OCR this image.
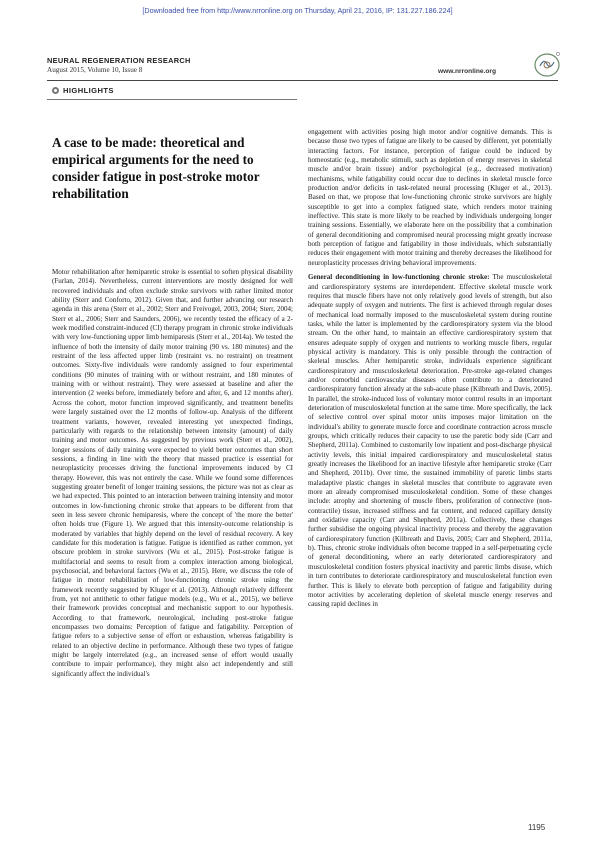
[Downloaded free from http://www.nrronline.org on Thursday, April 21, 2016, IP: 131.227.186.224]
NEURAL REGENERATION RESEARCH
August 2015, Volume 10, Issue 8	www.nrronline.org
HIGHLIGHTS
A case to be made: theoretical and empirical arguments for the need to consider fatigue in post-stroke motor rehabilitation

Motor rehabilitation after hemiparetic stroke is essential to soften physical disability (Furlan, 2014). Nevertheless, current interventions are mostly designed for well recovered individuals and often exclude stroke survivors with rather limited motor ability (Sterr and Conforto, 2012). Given that, and further advancing our research agenda in this arena (Sterr et al., 2002; Sterr and Freivogel, 2003, 2004; Sterr, 2004; Sterr et al., 2006; Sterr and Saunders, 2006), we recently tested the efficacy of a 2-week modified constraint-induced (CI) therapy program in chronic stroke individuals with very low-functioning upper limb hemiparesis (Sterr et al., 2014a). We tested the influence of both the intensity of daily motor training (90 vs. 180 minutes) and the restraint of the less affected upper limb (restraint vs. no restraint) on treatment outcomes. Sixty-five individuals were randomly assigned to four experimental conditions (90 minutes of training with or without restraint, and 180 minutes of training with or without restraint). They were assessed at baseline and after the intervention (2 weeks before, immediately before and after, 6, and 12 months after). Across the cohort, motor function improved significantly, and treatment benefits were largely sustained over the 12 months of follow-up. Analysis of the different treatment variants, however, revealed interesting yet unexpected findings, particularly with regards to the relationship between intensity (amount) of daily training and motor outcomes. As suggested by previous work (Sterr et al., 2002), longer sessions of daily training were expected to yield better outcomes than short sessions, a finding in line with the theory that massed practice is essential for neuroplasticity processes driving the functional improvements induced by CI therapy. However, this was not entirely the case. While we found some differences suggesting greater benefit of longer training sessions, the picture was not as clear as we had expected. This pointed to an interaction between training intensity and motor outcomes in low-functioning chronic stroke that appears to be different from that seen in less severe chronic hemiparesis, where the concept of 'the more the better' often holds true (Figure 1). We argued that this intensity-outcome relationship is moderated by variables that highly depend on the level of residual recovery. A key candidate for this moderation is fatigue. Fatigue is identified as rather common, yet obscure problem in stroke survivors (Wu et al., 2015). Post-stroke fatigue is multifactorial and seems to result from a complex interaction among biological, psychosocial, and behavioral factors (Wu et al., 2015). Here, we discuss the role of fatigue in motor rehabilitation of low-functioning chronic stroke using the framework recently suggested by Kluger et al. (2013). Although relatively different from, yet not antithetic to other fatigue models (e.g., Wu et al., 2015), we believe their framework provides conceptual and mechanistic support to our hypothesis. According to that framework, neurological, including post-stroke fatigue encompasses two domains: Perception of fatigue and fatigability. Perception of fatigue refers to a subjective sense of effort or exhaustion, whereas fatigability is related to an objective decline in performance. Although these two types of fatigue might be largely interrelated (e.g., an increased sense of effort would usually contribute to impair performance), they might also act independently and still significantly affect the individual's

engagement with activities posing high motor and/or cognitive demands. This is because those two types of fatigue are likely to be caused by different, yet potentially interacting factors. For instance, perception of fatigue could be induced by homeostatic (e.g., metabolic stimuli, such as depletion of energy reserves in skeletal muscle and/or brain tissue) and/or psychological (e.g., decreased motivation) mechanisms, while fatigability could occur due to declines in skeletal muscle force production and/or deficits in task-related neural processing (Kluger et al., 2013). Based on that, we propose that low-functioning chronic stroke survivors are highly susceptible to get into a complex fatigued state, which renders motor training ineffective. This state is more likely to be reached by individuals undergoing longer training sessions. Essentially, we elaborate here on the possibility that a combination of general deconditioning and compromised neural processing might greatly increase both perception of fatigue and fatigability in those individuals, which substantially reduces their engagement with motor training and thereby decreases the likelihood for neuroplasticity processes driving behavioral improvements.

General deconditioning in low-functioning chronic stroke: The musculoskeletal and cardiorespiratory systems are interdependent. Effective skeletal muscle work requires that muscle fibers have not only relatively good levels of strength, but also adequate supply of oxygen and nutrients. The first is achieved through regular doses of mechanical load normally imposed to the musculoskeletal system during routine tasks, while the latter is implemented by the cardiorespiratory system via the blood stream. On the other hand, to maintain an effective cardiorespiratory system that ensures adequate supply of oxygen and nutrients to working muscle fibers, regular physical activity is mandatory. This is only possible through the contraction of skeletal muscles. After hemiparetic stroke, individuals experience significant cardiorespiratory and musculoskeletal deterioration. Pre-stroke age-related changes and/or comorbid cardiovascular diseases often contribute to a deteriorated cardiorespiratory function already at the sub-acute phase (Kilbreath and Davis, 2005). In parallel, the stroke-induced loss of voluntary motor control results in an important deterioration of musculoskeletal function at the same time. More specifically, the lack of selective control over spinal motor units imposes major limitation on the individual's ability to generate muscle force and coordinate contraction across muscle groups, which critically reduces their capacity to use the paretic body side (Carr and Shepherd, 2011a). Combined to customarily low inpatient and post-discharge physical activity levels, this initial impaired cardiorespiratory and musculoskeletal status greatly increases the likelihood for an inactive lifestyle after hemiparetic stroke (Carr and Shepherd, 2011b). Over time, the sustained immobility of paretic limbs starts maladaptive plastic changes in skeletal muscles that contribute to aggravate even more an already compromised musculoskeletal condition. Some of these changes include: atrophy and shortening of muscle fibers, proliferation of connective (non-contractile) tissue, increased stiffness and fat content, and reduced capillary density and oxidative capacity (Carr and Shepherd, 2011a). Collectively, these changes further subsidise the ongoing physical inactivity process and thereby the aggravation of cardiorespiratory function (Kilbreath and Davis, 2005; Carr and Shepherd, 2011a, b). Thus, chronic stroke individuals often become trapped in a self-perpetuating cycle of general deconditioning, where an early deteriorated cardiorespiratory and musculoskeletal condition fosters physical inactivity and paretic limbs disuse, which in turn contributes to deteriorate cardiorespiratory and musculoskeletal function even further. This is likely to elevate both perception of fatigue and fatigability during motor activities by accelerating depletion of skeletal muscle energy reserves and causing rapid declines in

1195
